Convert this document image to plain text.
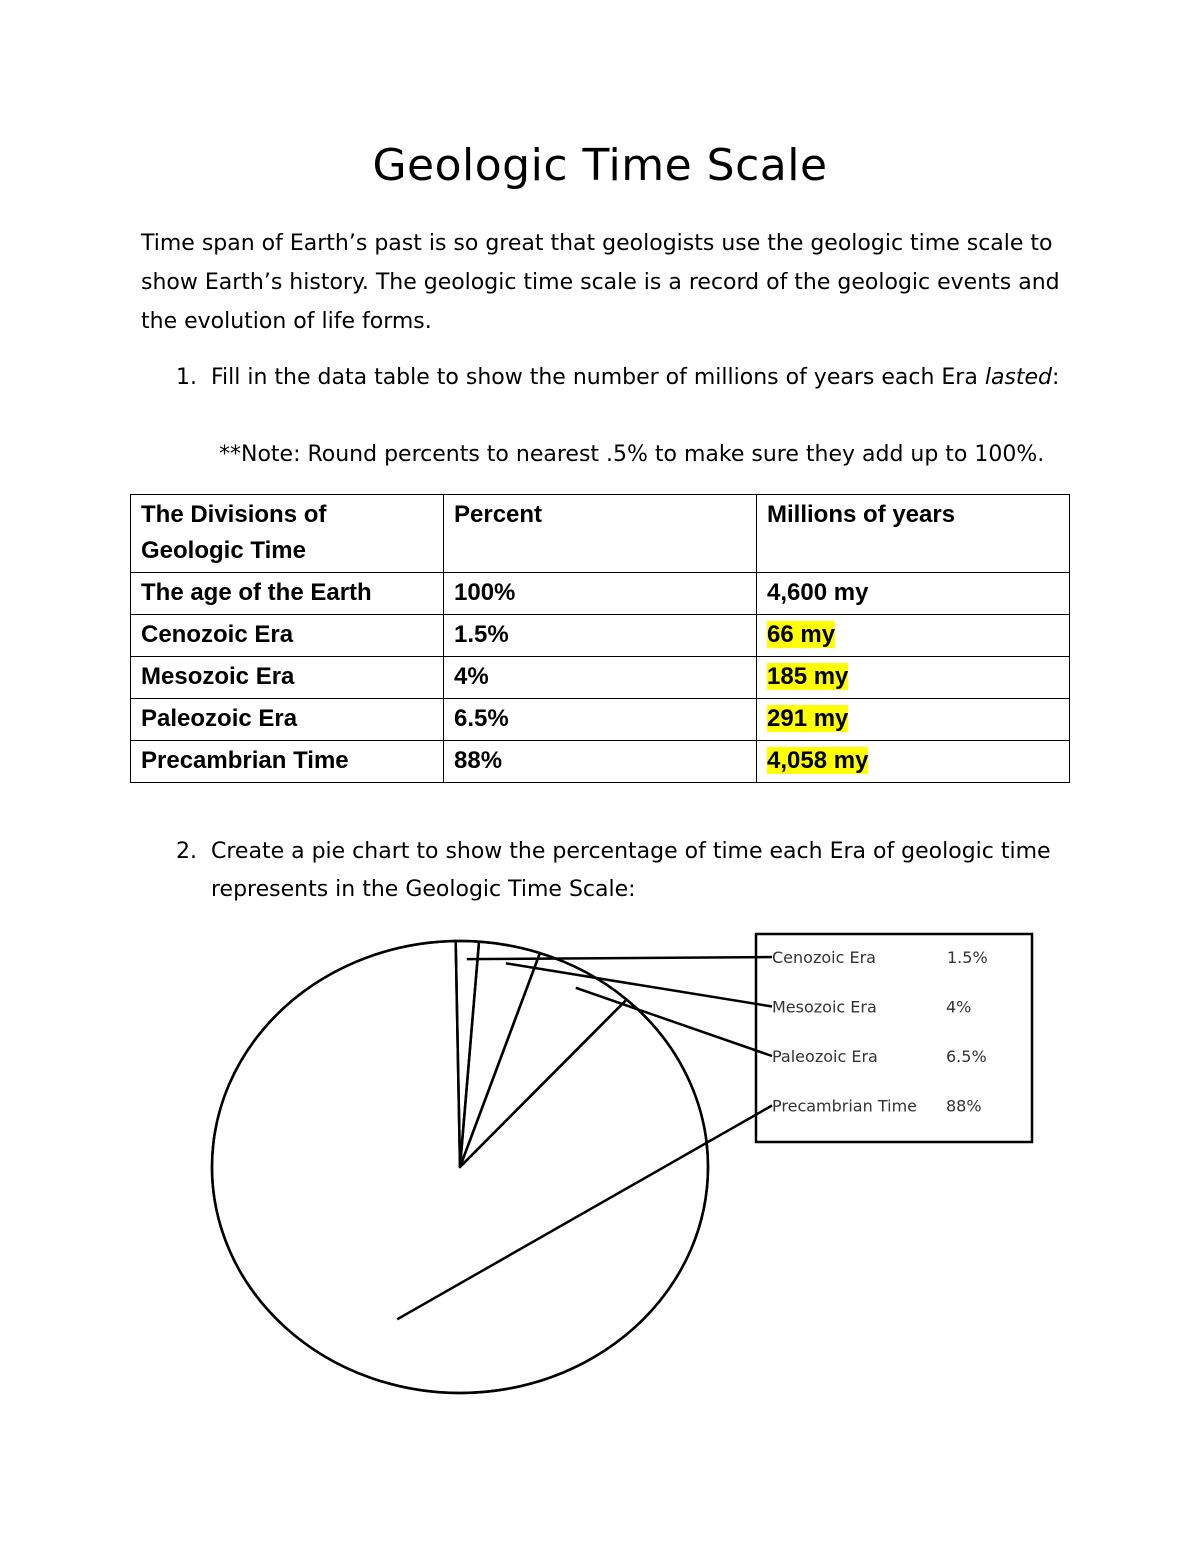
Geologic Time Scale

Time span of Earth’s past is so great that geologists use the geologic time scale to show Earth’s history. The geologic time scale is a record of the geologic events and the evolution of life forms.

1. Fill in the data table to show the number of millions of years each Era lasted:
**Note: Round percents to nearest .5% to make sure they add up to 100%.
The Divisions of Geologic Time	Percent	Millions of years
The age of the Earth	100%	4,600 my
Cenozoic Era	1.5%	66 my
Mesozoic Era	4%	185 my
Paleozoic Era	6.5%	291 my
Precambrian Time	88%	4,058 my
2. Create a pie chart to show the percentage of time each Era of geologic time represents in the Geologic Time Scale:
Cenozoic Era	1.5%
Mesozoic Era	4%
Paleozoic Era	6.5%
Precambrian Time 88%
